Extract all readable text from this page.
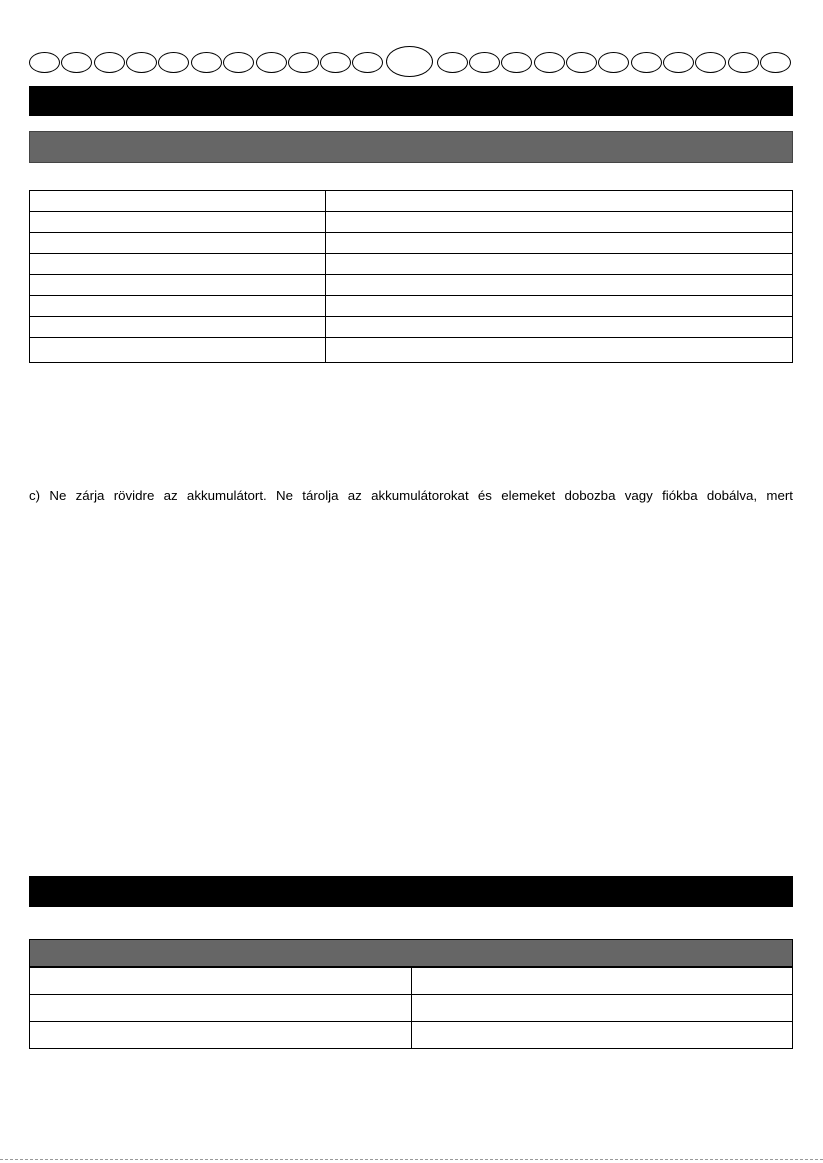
c) Ne zárja rövidre az akkumulátort. Ne tárolja az akkumulátorokat és elemeket dobozba vagy fiókba dobálva, mert
